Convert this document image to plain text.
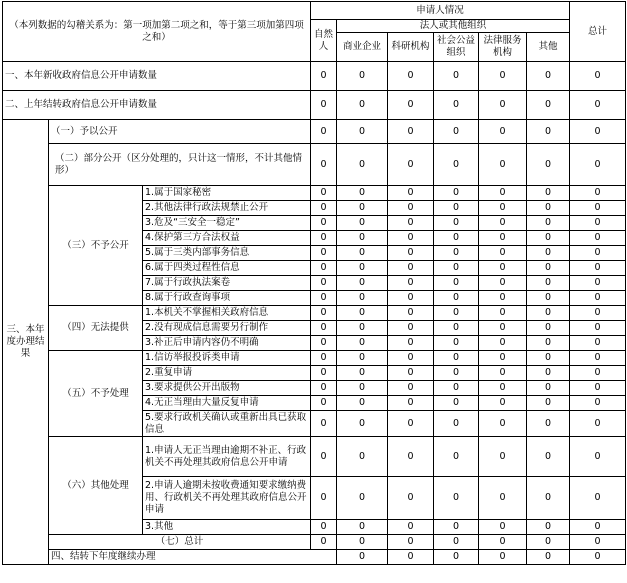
（本列数据的勾稽关系为：第一项加第二项之和，等于第三项加第四项之和）			申请人情况						总计	
			自然人	法人或其他组织						
				商业企业	科研机构	社会公益组织	法律服务机构	其他		
一、本年新收政府信息公开申请数量			0	0	0	0	0	0	0	
二、上年结转政府信息公开申请数量			0	0	0	0	0	0	0	
三、本年度办理结果	（一）予以公开		0	0	0	0	0	0	0	
	（二）部分公开（区分处理的，只计这一情形，不计其他情形）		0	0	0	0	0	0	0	
	（三）不予公开	1.属于国家秘密	0	0	0	0	0	0	0	
		2.其他法律行政法规禁止公开	0	0	0	0	0	0	0	
		3.危及“三安全一稳定”	0	0	0	0	0	0	0	
		4.保护第三方合法权益	0	0	0	0	0	0	0	
		5.属于三类内部事务信息	0	0	0	0	0	0	0	
		6.属于四类过程性信息	0	0	0	0	0	0	0	
		7.属于行政执法案卷	0	0	0	0	0	0	0	
		8.属于行政查询事项	0	0	0	0	0	0	0	
	（四）无法提供	1.本机关不掌握相关政府信息	0	0	0	0	0	0	0	
		2.没有现成信息需要另行制作	0	0	0	0	0	0	0	
		3.补正后申请内容仍不明确	0	0	0	0	0	0	0	
	（五）不予处理	1.信访举报投诉类申请	0	0	0	0	0	0	0	
		2.重复申请	0	0	0	0	0	0	0	
		3.要求提供公开出版物	0	0	0	0	0	0	0	
		4.无正当理由大量反复申请	0	0	0	0	0	0	0	
		5.要求行政机关确认或重新出具已获取信息	0	0	0	0	0	0	0	
	（六）其他处理	1.申请人无正当理由逾期不补正、行政机关不再处理其政府信息公开申请	0	0	0	0	0	0	0	
		2.申请人逾期未按收费通知要求缴纳费用、行政机关不再处理其政府信息公开申请	0	0	0	0	0	0	0	
		3.其他	0	0	0	0	0	0	0	
	（七）总计		0	0	0	0	0	0	0	
	四、结转下年度继续办理			0	0	0	0	0	0	
